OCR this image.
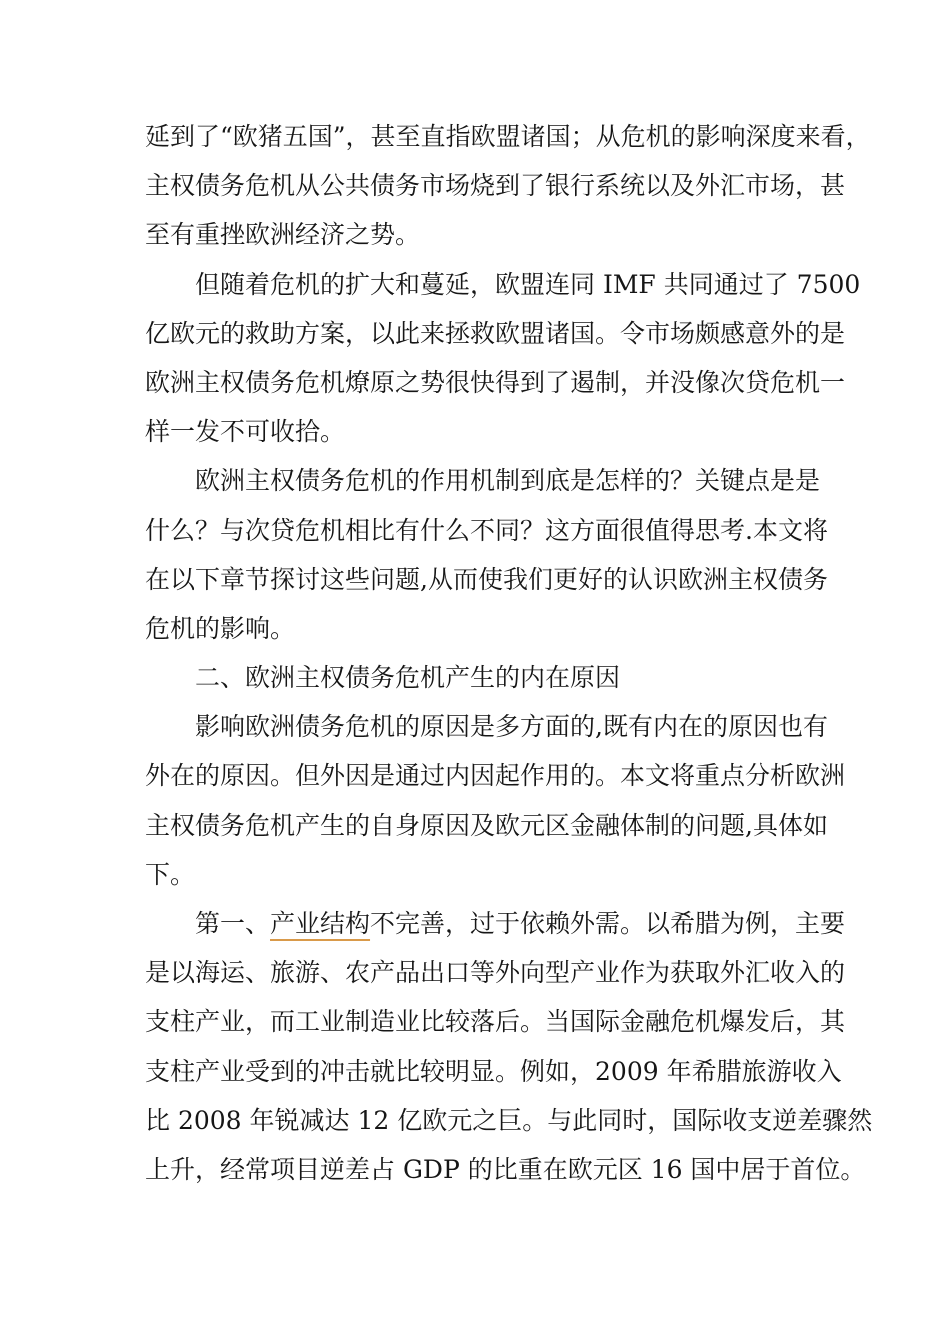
延到了“欧猪五国”，甚至直指欧盟诸国；从危机的影响深度来看，
主权债务危机从公共债务市场烧到了银行系统以及外汇市场，甚
至有重挫欧洲经济之势。
但随着危机的扩大和蔓延，欧盟连同 IMF 共同通过了 7500
亿欧元的救助方案，以此来拯救欧盟诸国。令市场颇感意外的是
欧洲主权债务危机燎原之势很快得到了遏制，并没像次贷危机一
样一发不可收拾。
欧洲主权债务危机的作用机制到底是怎样的？关键点是是
什么？与次贷危机相比有什么不同？这方面很值得思考.本文将
在以下章节探讨这些问题,从而使我们更好的认识欧洲主权债务
危机的影响。
二、欧洲主权债务危机产生的内在原因
影响欧洲债务危机的原因是多方面的,既有内在的原因也有
外在的原因。但外因是通过内因起作用的。本文将重点分析欧洲
主权债务危机产生的自身原因及欧元区金融体制的问题,具体如
下。
第一、产业结构不完善，过于依赖外需。以希腊为例，主要
是以海运、旅游、农产品出口等外向型产业作为获取外汇收入的
支柱产业，而工业制造业比较落后。当国际金融危机爆发后，其
支柱产业受到的冲击就比较明显。例如，2009 年希腊旅游收入
比 2008 年锐减达 12 亿欧元之巨。与此同时，国际收支逆差骤然
上升，经常项目逆差占 GDP 的比重在欧元区 16 国中居于首位。
